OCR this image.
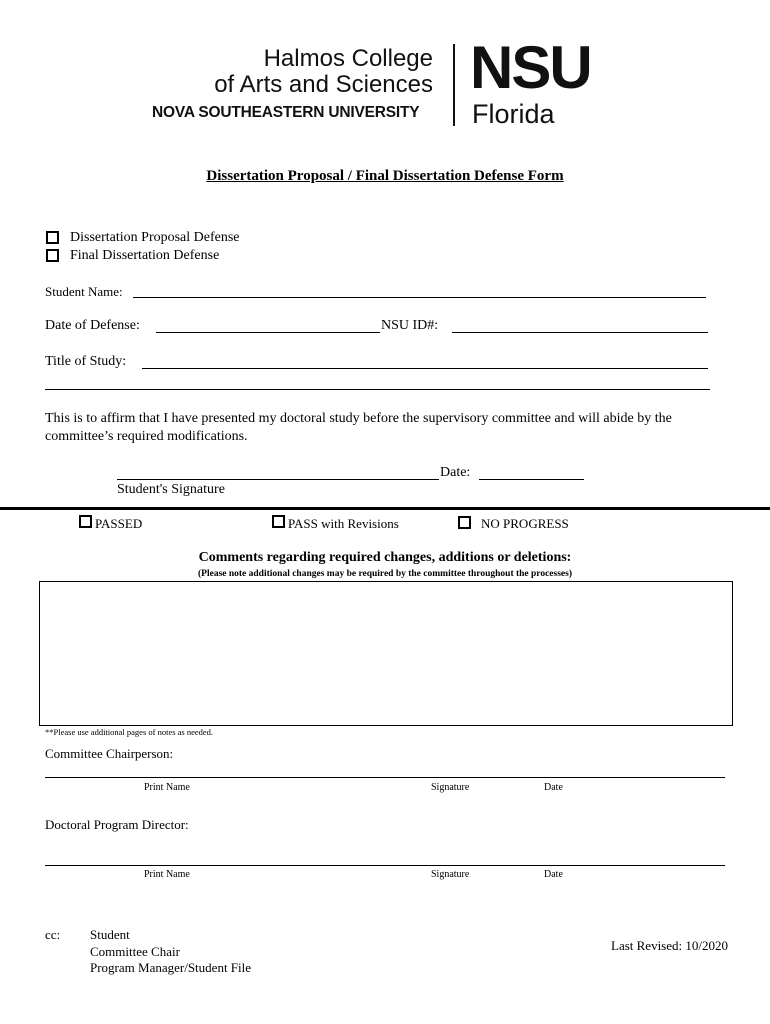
Halmos College
of Arts and Sciences
NOVA SOUTHEASTERN UNIVERSITY
NSU
Florida
Dissertation Proposal / Final Dissertation Defense Form
Dissertation Proposal Defense
Final Dissertation Defense
Student Name:
Date of Defense:	NSU ID#:
Title of Study:
This is to affirm that I have presented my doctoral study before the supervisory committee and will abide by the
committee’s required modifications.
Date:
Student's Signature
PASSED	PASS with Revisions	NO PROGRESS
Comments regarding required changes, additions or deletions:
(Please note additional changes may be required by the committee throughout the processes)
**Please use additional pages of notes as needed.
Committee Chairperson:
Print Name	Signature	Date
Doctoral Program Director:
Print Name	Signature	Date
cc: Student
Committee Chair
Program Manager/Student File
Last Revised: 10/2020
